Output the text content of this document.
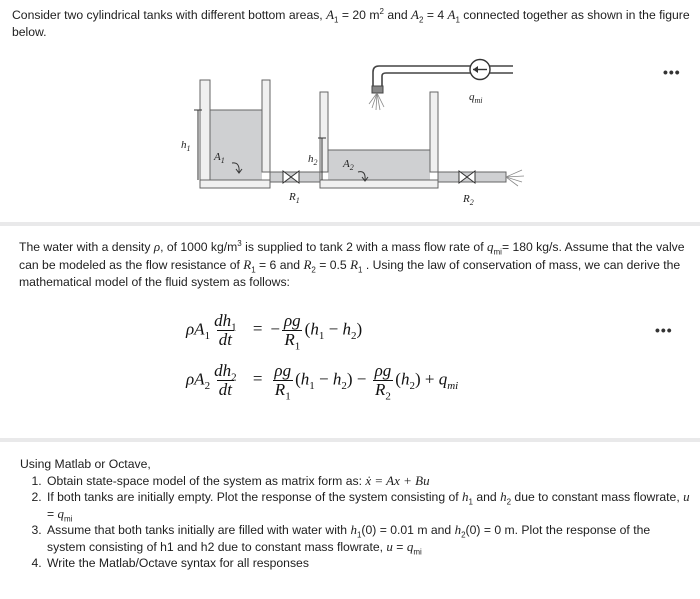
Consider two cylindrical tanks with different bottom areas, $A_1 = 20$ $m^2$ and $A_2 = 4$ $A_1$ connected together as shown in the figure below.

•••
$h_1$
$A_1$	$h_2$ $A_2$
$R_1$	$R_2$
$q_{mi}$

The water with a density ρ, of 1000 $kg/m^3$ is supplied to tank 2 with a mass flow rate of $q_{mi}= 180$ kg/s. Assume that the valve can be modeled as the flow resistance of $R_1 = 6$ and $R_2 = 0.5$ $R_1$ . Using the law of conservation of mass, we can derive the mathematical model of the fluid system as follows:

•••
$\rho A_1 \frac{dh_1}{dt}$ = − $\frac{\rho g}{R_1} (h_1 - h_2)$
$\rho A_2 \frac{dh_2}{dt} = \frac{\rho g}{R_1} (h_1 - h_2) - \frac{\rho g}{R_2} (h_2) + q_{mi}$
Using Matlab or Octave,
1. Obtain state-space model of the system as matrix form as: ẋ = Ax + Bu
2. If both tanks are initially empty. Plot the response of the system consisting of $h_1$ and $h_2$ due to constant mass flowrate, $u = q_{mi}$
3. Assume that both tanks initially are filled with water with $h_1(0) = 0.01$ m and $h_2(0) = 0$ m. Plot the response of the system consisting of h1 and h2 due to constant mass flowrate, $u = q_{mi}$
4. Write the Matlab/Octave syntax for all responses
